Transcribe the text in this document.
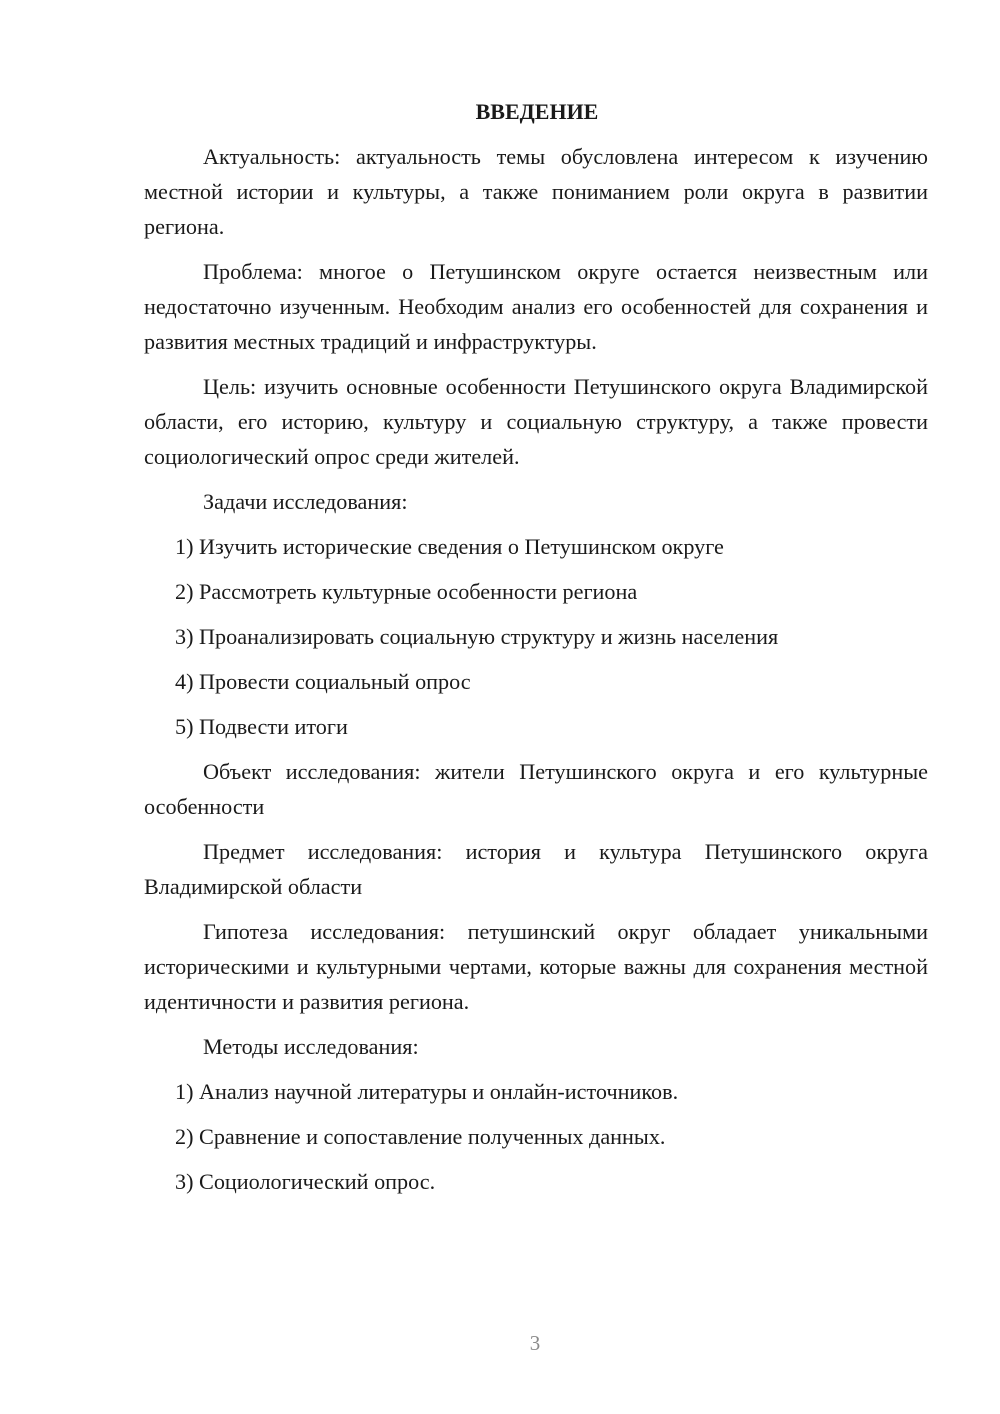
ВВЕДЕНИЕ

Актуальность: актуальность темы обусловлена интересом к изучению местной истории и культуры, а также пониманием роли округа в развитии региона.

Проблема: многое о Петушинском округе остается неизвестным или недостаточно изученным. Необходим анализ его особенностей для сохранения и развития местных традиций и инфраструктуры.

Цель: изучить основные особенности Петушинского округа Владимирской области, его историю, культуру и социальную структуру, а также провести социологический опрос среди жителей.

Задачи исследования:

1) Изучить исторические сведения о Петушинском округе
2) Рассмотреть культурные особенности региона
3) Проанализировать социальную структуру и жизнь населения
4) Провести социальный опрос
5) Подвести итоги

Объект исследования: жители Петушинского округа и его культурные особенности

Предмет исследования: история и культура Петушинского округа Владимирской области

Гипотеза исследования: петушинский округ обладает уникальными историческими и культурными чертами, которые важны для сохранения местной идентичности и развития региона.

Методы исследования:

1) Анализ научной литературы и онлайн-источников.
2) Сравнение и сопоставление полученных данных.
3) Социологический опрос.
3
